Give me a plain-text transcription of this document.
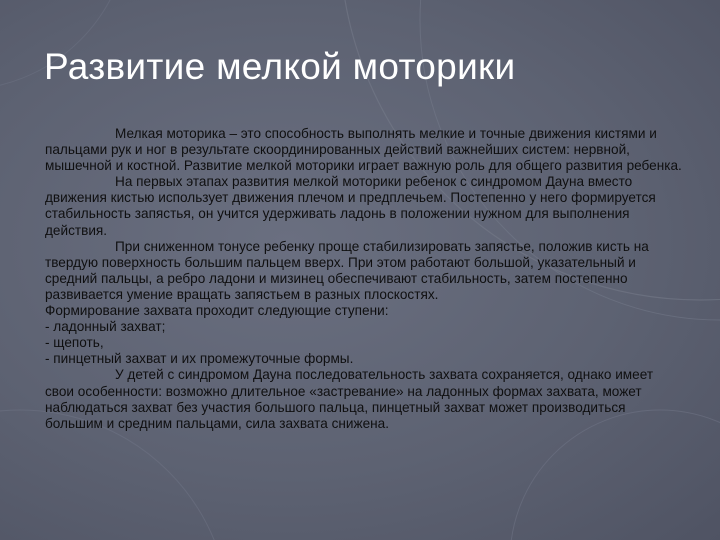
Развитие мелкой моторики

Мелкая моторика – это способность выполнять мелкие и точные движения кистями и пальцами рук и ног в результате скоординированных действий важнейших систем: нервной, мышечной и костной. Развитие мелкой моторики играет важную роль для общего развития ребенка.

На первых этапах развития мелкой моторики ребенок с синдромом Дауна вместо движения кистью использует движения плечом и предплечьем. Постепенно у него формируется стабильность запястья, он учится удерживать ладонь в положении нужном для выполнения действия.

При сниженном тонусе ребенку проще стабилизировать запястье, положив кисть на твердую поверхность большим пальцем вверх. При этом работают большой, указательный и средний пальцы, а ребро ладони и мизинец обеспечивают стабильность, затем постепенно развивается умение вращать запястьем в разных плоскостях.

Формирование захвата проходит следующие ступени:

- ладонный захват;

- щепоть,

- пинцетный захват и их промежуточные формы.

У детей с синдромом Дауна последовательность захвата сохраняется, однако имеет свои особенности: возможно длительное «застревание» на ладонных формах захвата, может наблюдаться захват без участия большого пальца, пинцетный захват может производиться большим и средним пальцами, сила захвата снижена.
